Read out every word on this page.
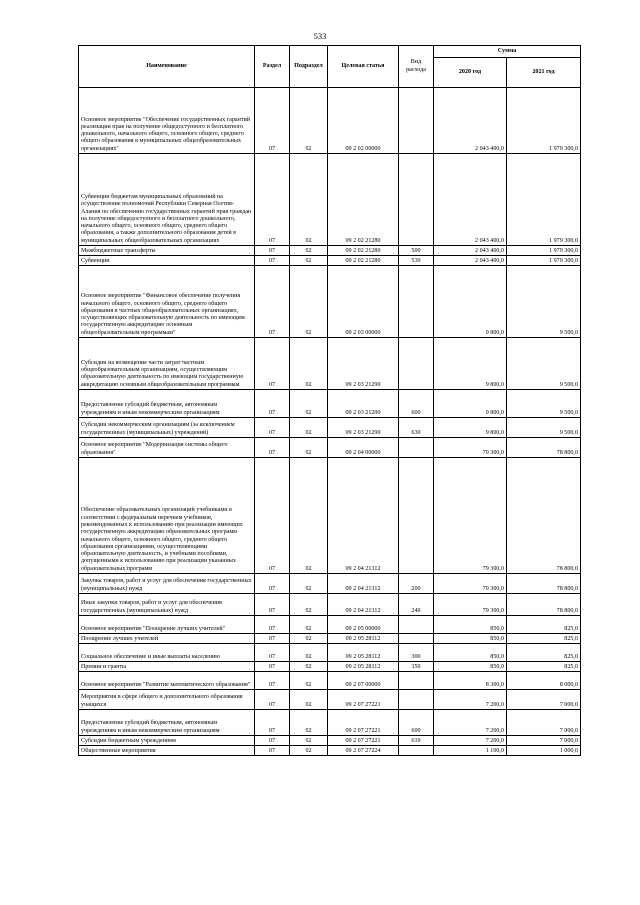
533
Наименование	Раздел	Подраздел	Целевая статья	Вид расхода	Сумма	
					2020 год	2021 год
Основное мероприятие "Обеспечение государственных гарантий реализации прав на получение общедоступного и бесплатного дошкольного, начального общего, основного общего, среднего общего образования в муниципальных общеобразовательных организациях"	07	02	09 2 02 00000		2 043 400,0	1 979 300,0
Субвенции бюджетам муниципальных образований на осуществление полномочий Республики Северная Осетия-Алания по обеспечению государственных гарантий прав граждан на получение общедоступного и бесплатного дошкольного, начального общего, основного общего, среднего общего образования, а также дополнительного образования детей в муниципальных общеобразовательных организациях	07	02	09 2 02 21280		2 043 400,0	1 979 300,0
Межбюджетные трансферты	07	02	09 2 02 21280	500	2 043 400,0	1 979 300,0
Субвенции	07	02	09 2 02 21280	530	2 043 400,0	1 979 300,0
Основное мероприятие "Финансовое обеспечение получения начального общего, основного общего, среднего общего образования в частных общеобразовательных организациях, осуществляющих образовательную деятельность по имеющим государственную аккредитацию основным общеобразовательным программам"	07	02	09 2 03 00000		9 800,0	9 500,0
Субсидии на возмещение части затрат частным общеобразовательным организациям, осуществляющим образовательную деятельность по имеющим государственную аккредитацию основным общеобразовательным программам	07	02	09 2 03 21290		9 800,0	9 500,0
Предоставление субсидий бюджетным, автономным учреждениям и иным некоммерческим организациям	07	02	09 2 03 21290	600	9 800,0	9 500,0
Субсидии некоммерческим организациям (за исключением государственных (муниципальных) учреждений)	07	02	09 2 03 21290	630	9 800,0	9 500,0
Основное мероприятие "Модернизация системы общего образования"	07	02	09 2 04 00000		79 300,0	78 800,0
Обеспечение образовательных организаций учебниками в соответствии с федеральным перечнем учебников, рекомендованных к использованию при реализации имеющих государственную аккредитацию образовательных программ начального общего, основного общего, среднего общего образования организациями, осуществляющими образовательную деятельность, и учебными пособиями, допущенными к использованию при реализации указанных образовательных программ	07	02	09 2 04 21312		79 300,0	78 800,0
Закупка товаров, работ и услуг для обеспечения государственных (муниципальных) нужд	07	02	09 2 04 21312	200	79 300,0	78 800,0
Иные закупки товаров, работ и услуг для обеспечения государственных (муниципальных) нужд	07	02	09 2 04 21312	240	79 300,0	78 800,0
Основное мероприятие "Поощрение лучших учителей"	07	02	09 2 05 00000		850,0	825,0
Поощрение лучших учителей	07	02	09 2 05 28112		850,0	825,0
Социальное обеспечение и иные выплаты населению	07	02	09 2 05 28112	300	850,0	825,0
Премии и гранты	07	02	09 2 05 28112	350	850,0	825,0
Основное мероприятие "Развитие математического образования"	07	02	09 2 07 00000		8 300,0	8 000,0
Мероприятия в сфере общего и дополнительного образования учащихся	07	02	09 2 07 27221		7 200,0	7 000,0
Предоставление субсидий бюджетным, автономным учреждениям и иным некоммерческим организациям	07	02	09 2 07 27221	600	7 200,0	7 000,0
Субсидии бюджетным учреждениям	07	02	09 2 07 27221	610	7 200,0	7 000,0
Общественные мероприятия	07	02	09 2 07 27224		1 100,0	1 000,0
